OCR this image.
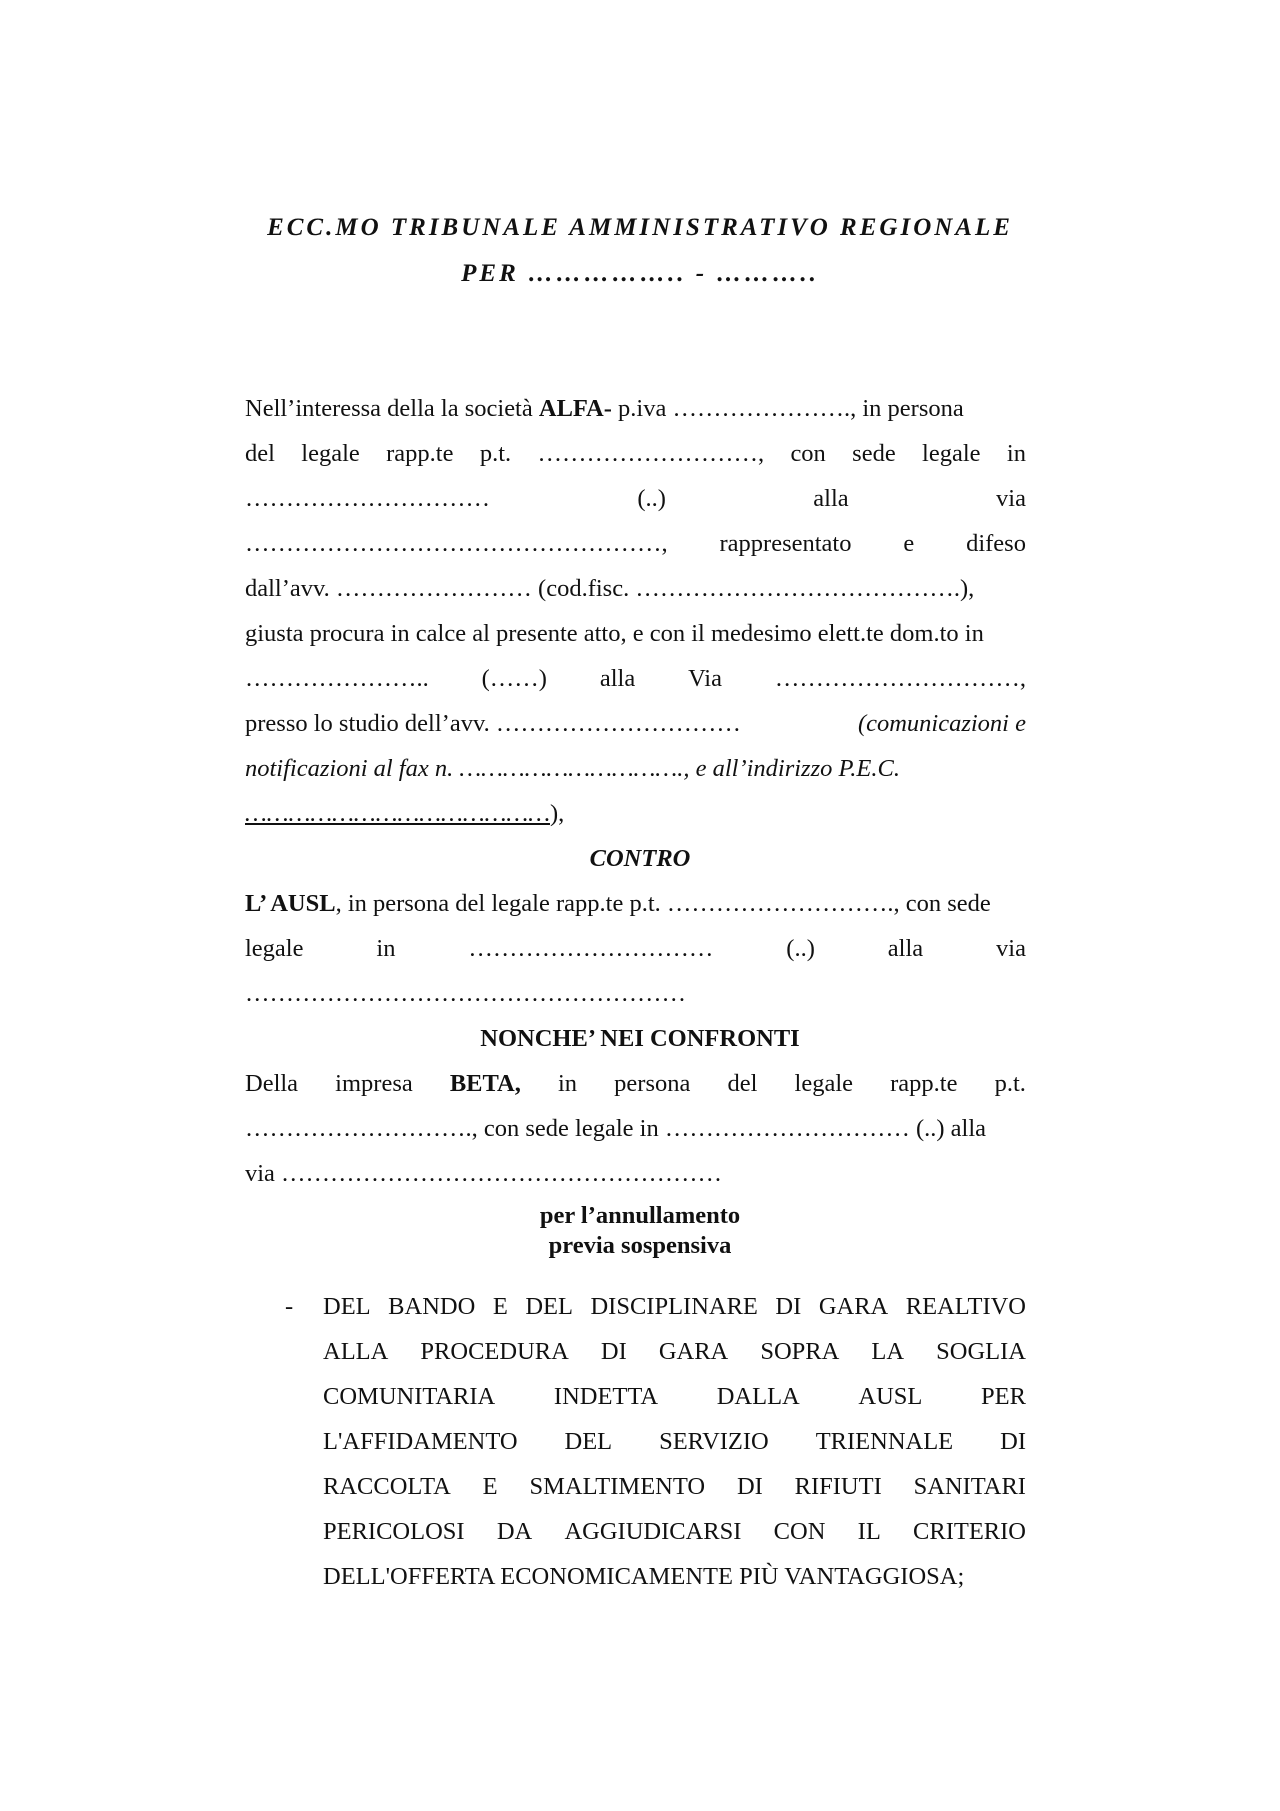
ECC.MO TRIBUNALE AMMINISTRATIVO REGIONALE
PER …………….. - ………..
Nell’interessa della la società ALFA- p.iva …………………., in persona
del legale rapp.te p.t. ………………………, con sede legale in
…………………………	(..)	alla	via
……………………………………………, rappresentato e difeso
dall’avv. …………………… (cod.fisc. ………………………………….),
giusta procura in calce al presente atto, e con il medesimo elett.te dom.to in
………………….. (……) alla Via …………………………,
presso lo studio dell’avv. …………………………	(comunicazioni e
notificazioni al fax n. …………………………., e all’indirizzo P.E.C.
……………………………………),
CONTRO
L’ AUSL, in persona del legale rapp.te p.t. ………………………., con sede
legale	in	…………………………	(..)	alla	via
………………………………………………
NONCHE’ NEI CONFRONTI
Della impresa BETA, in persona del legale rapp.te p.t.
………………………., con sede legale in ………………………… (..) alla
via ………………………………………………
per l’annullamento
previa sospensiva
- DEL BANDO E DEL DISCIPLINARE DI GARA REALTIVO
ALLA PROCEDURA DI GARA SOPRA LA SOGLIA
COMUNITARIA INDETTA DALLA AUSL PER
L'AFFIDAMENTO DEL SERVIZIO TRIENNALE DI
RACCOLTA E SMALTIMENTO DI RIFIUTI SANITARI
PERICOLOSI DA AGGIUDICARSI CON IL CRITERIO
DELL'OFFERTA ECONOMICAMENTE PIÙ VANTAGGIOSA;
